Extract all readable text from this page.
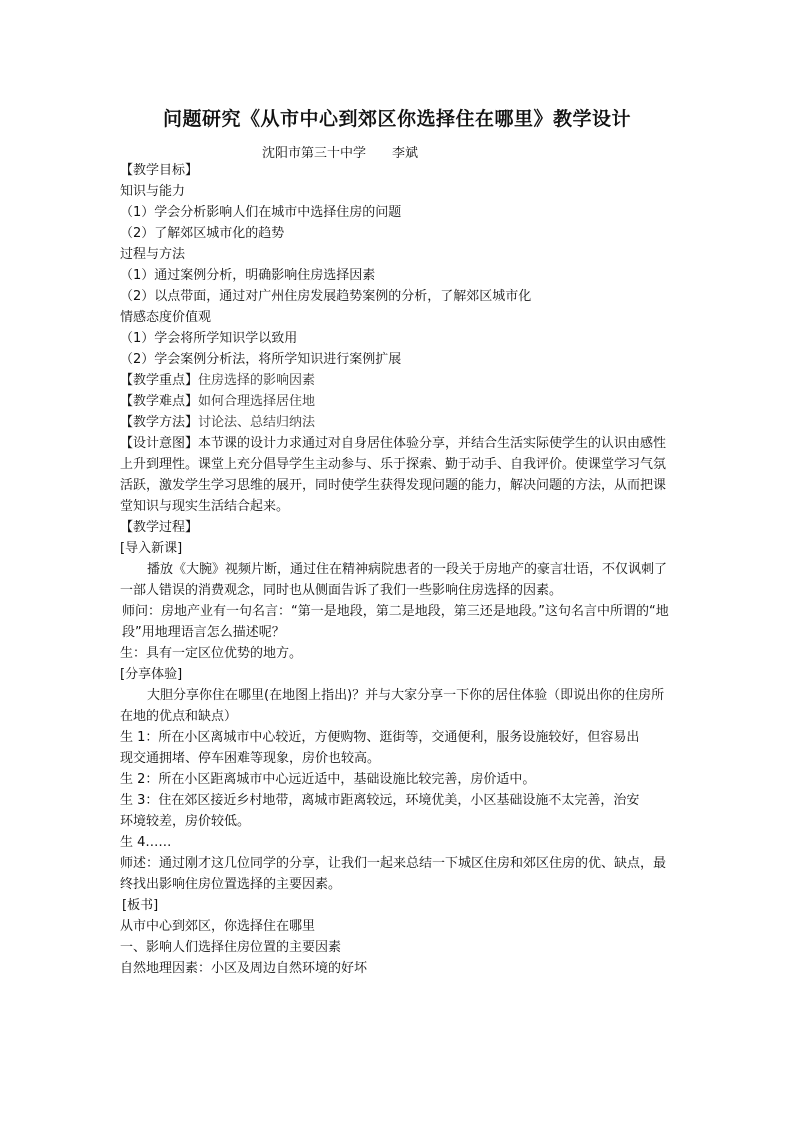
问题研究《从市中心到郊区你选择住在哪里》教学设计
沈阳市第三十中学 李斌
【教学目标】
知识与能力
（1）学会分析影响人们在城市中选择住房的问题
（2）了解郊区城市化的趋势
过程与方法
（1）通过案例分析，明确影响住房选择因素
（2）以点带面，通过对广州住房发展趋势案例的分析，了解郊区城市化
情感态度价值观
（1）学会将所学知识学以致用
（2）学会案例分析法，将所学知识进行案例扩展
【教学重点】住房选择的影响因素
【教学难点】如何合理选择居住地
【教学方法】讨论法、总结归纳法

【设计意图】本节课的设计力求通过对自身居住体验分享，并结合生活实际使学生的认识由感性上升到理性。课堂上充分倡导学生主动参与、乐于探索、勤于动手、自我评价。使课堂学习气氛活跃，激发学生学习思维的展开，同时使学生获得发现问题的能力，解决问题的方法，从而把课堂知识与现实生活结合起来。

【教学过程】
[导入新课]

播放《大腕》视频片断，通过住在精神病院患者的一段关于房地产的豪言壮语，不仅讽刺了一部人错误的消费观念，同时也从侧面告诉了我们一些影响住房选择的因素。

师问：房地产业有一句名言：“第一是地段，第二是地段，第三还是地段。”这句名言中所谓的“地段”用地理语言怎么描述呢？

生：具有一定区位优势的地方。
[分享体验]

大胆分享你住在哪里(在地图上指出)？并与大家分享一下你的居住体验（即说出你的住房所在地的优点和缺点）

生 1：所在小区离城市中心较近，方便购物、逛街等，交通便利，服务设施较好，但容易出

现交通拥堵、停车困难等现象，房价也较高。
生 2：所在小区距离城市中心远近适中，基础设施比较完善，房价适中。

生 3：住在郊区接近乡村地带，离城市距离较远，环境优美，小区基础设施不太完善，治安

环境较差，房价较低。
生 4……

师述：通过刚才这几位同学的分享，让我们一起来总结一下城区住房和郊区住房的优、缺点，最终找出影响住房位置选择的主要因素。

[板书]
从市中心到郊区，你选择住在哪里
一、影响人们选择住房位置的主要因素
自然地理因素：小区及周边自然环境的好坏
